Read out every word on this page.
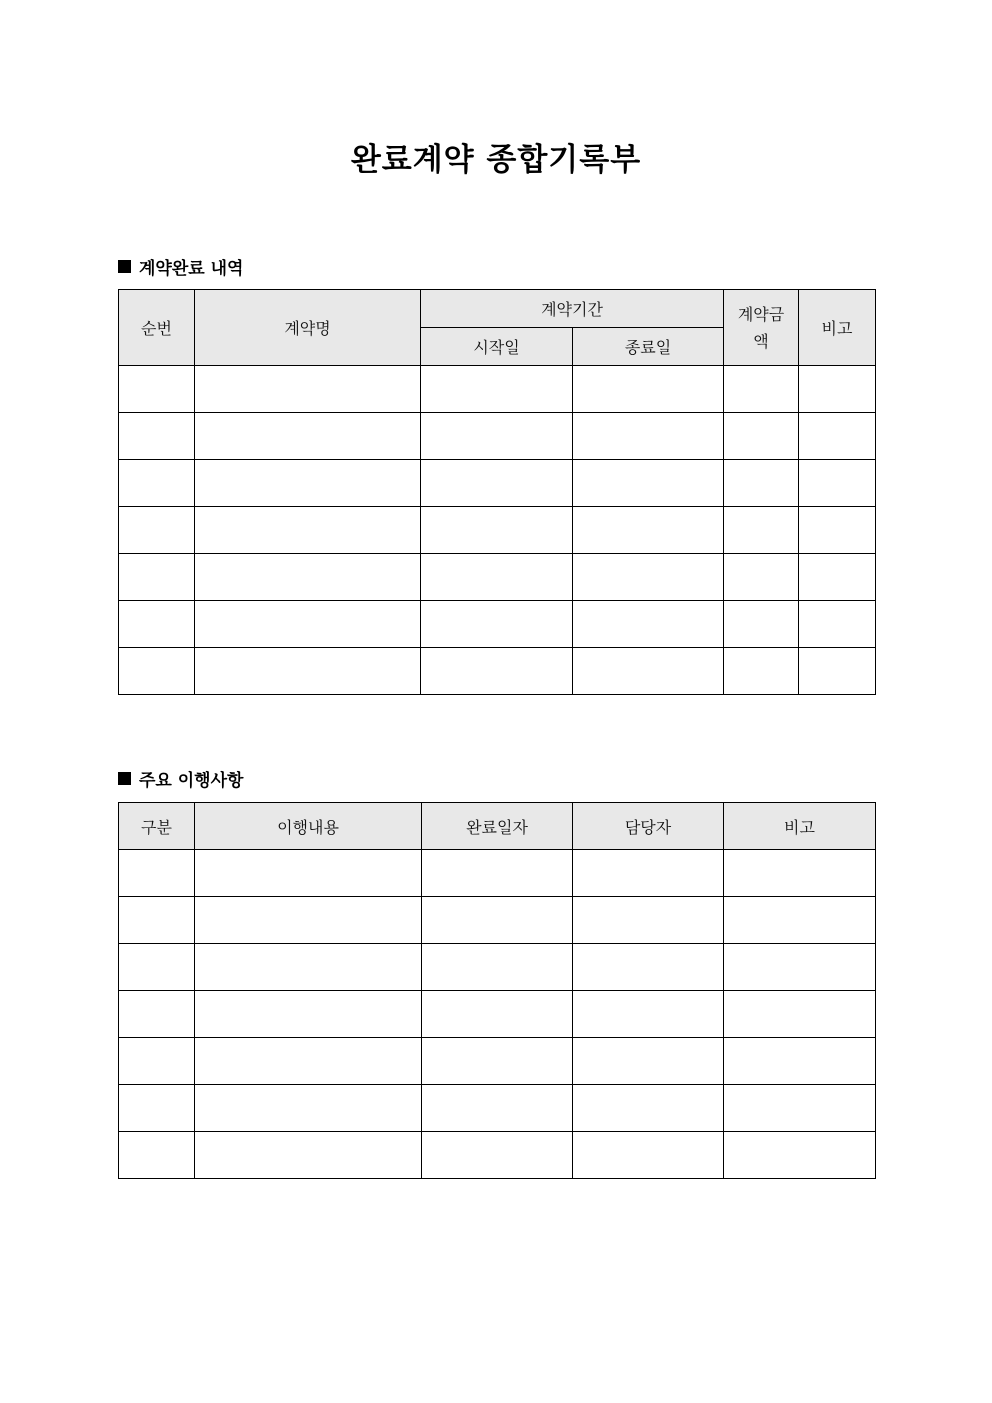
완료계약 종합기록부
계약완료 내역
순번	계약명	계약기간		계약금액	비고
		시작일	종료일		

주요 이행사항
구분	이행내용	완료일자	담당자	비고
